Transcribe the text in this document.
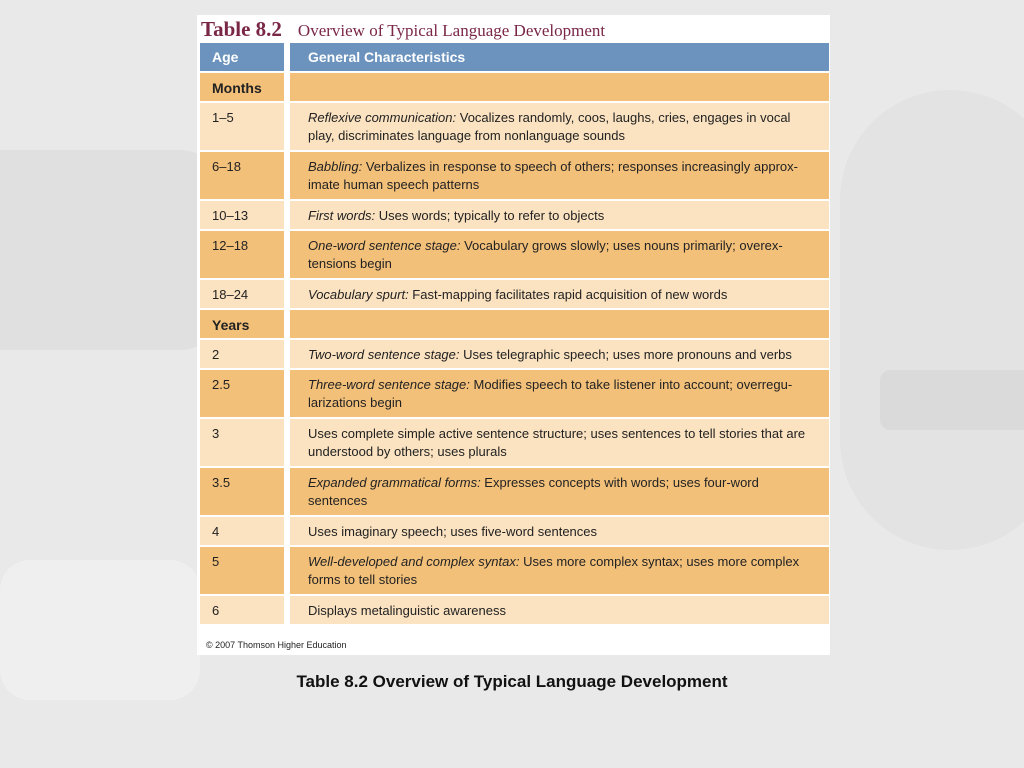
Table 8.2 Overview of Typical Language Development
Age	General Characteristics
Months
1–5	Reflexive communication: Vocalizes randomly, coos, laughs, cries, engages in vocal play, discriminates language from nonlanguage sounds
6–18	Babbling: Verbalizes in response to speech of others; responses increasingly approx-imate human speech patterns
10–13	First words: Uses words; typically to refer to objects
12–18	One-word sentence stage: Vocabulary grows slowly; uses nouns primarily; overex-tensions begin
18–24	Vocabulary spurt: Fast-mapping facilitates rapid acquisition of new words
Years
2	Two-word sentence stage: Uses telegraphic speech; uses more pronouns and verbs
2.5	Three-word sentence stage: Modifies speech to take listener into account; overregu-larizations begin
3	Uses complete simple active sentence structure; uses sentences to tell stories that are understood by others; uses plurals
3.5	Expanded grammatical forms: Expresses concepts with words; uses four-word sentences
4	Uses imaginary speech; uses five-word sentences
5	Well-developed and complex syntax: Uses more complex syntax; uses more complex forms to tell stories
6	Displays metalinguistic awareness
© 2007 Thomson Higher Education
Table 8.2 Overview of Typical Language Development
